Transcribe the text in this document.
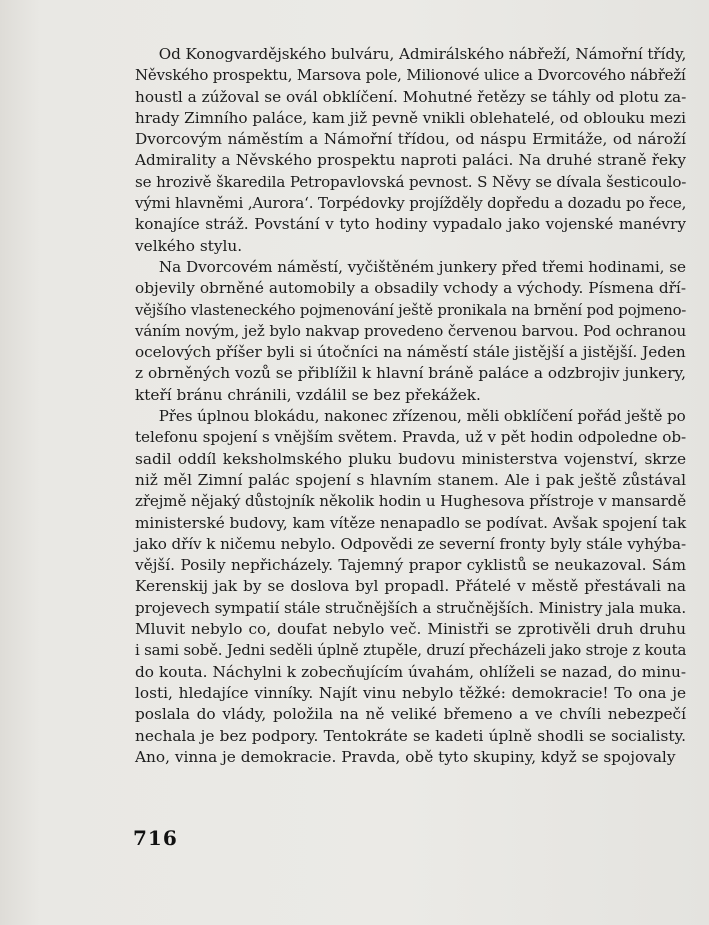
Od Konogvardějského bulváru, Admirálského nábřeží, Námořní třídy,
Něvského prospektu, Marsova pole, Milionové ulice a Dvorcového nábřeží
houstl a zúžoval se ovál obklíčení. Mohutné řetězy se táhly od plotu za-
hrady Zimního paláce, kam již pevně vnikli oblehatelé, od oblouku mezi
Dvorcovým náměstím a Námořní třídou, od náspu Ermitáže, od nároží
Admirality a Něvského prospektu naproti paláci. Na druhé straně řeky
se hrozivě škaredila Petropavlovská pevnost. S Něvy se dívala šesticoulo-
vými hlavněmi ‚Aurora‘. Torpédovky projížděly dopředu a dozadu po řece,
konajíce stráž. Povstání v tyto hodiny vypadalo jako vojenské manévry
velkého stylu.
Na Dvorcovém náměstí, vyčištěném junkery před třemi hodinami, se
objevily obrněné automobily a obsadily vchody a východy. Písmena dří-
vějšího vlasteneckého pojmenování ještě pronikala na brnění pod pojmeno-
váním novým, jež bylo nakvap provedeno červenou barvou. Pod ochranou
ocelových příšer byli si útočníci na náměstí stále jistější a jistější. Jeden
z obrněných vozů se přiblížil k hlavní bráně paláce a odzbrojiv junkery,
kteří bránu chránili, vzdálil se bez překážek.
Přes úplnou blokádu, nakonec zřízenou, měli obklíčení pořád ještě po
telefonu spojení s vnějším světem. Pravda, už v pět hodin odpoledne ob-
sadil oddíl keksholmského pluku budovu ministerstva vojenství, skrze
niž měl Zimní palác spojení s hlavním stanem. Ale i pak ještě zůstával
zřejmě nějaký důstojník několik hodin u Hughesova přístroje v mansardě
ministerské budovy, kam vítěze nenapadlo se podívat. Avšak spojení tak
jako dřív k ničemu nebylo. Odpovědi ze severní fronty byly stále vyhýba-
vější. Posily nepřicházely. Tajemný prapor cyklistů se neukazoval. Sám
Kerenskij jak by se doslova byl propadl. Přátelé v městě přestávali na
projevech sympatií stále stručnějších a stručnějších. Ministry jala muka.
Mluvit nebylo co, doufat nebylo več. Ministři se zprotivěli druh druhu
i sami sobě. Jedni seděli úplně ztupěle, druzí přecházeli jako stroje z kouta
do kouta. Náchylni k zobecňujícím úvahám, ohlíželi se nazad, do minu-
losti, hledajíce vinníky. Najít vinu nebylo těžké: demokracie! To ona je
poslala do vlády, položila na ně veliké břemeno a ve chvíli nebezpečí
nechala je bez podpory. Tentokráte se kadeti úplně shodli se socialisty.
Ano, vinna je demokracie. Pravda, obě tyto skupiny, když se spojovaly
716
